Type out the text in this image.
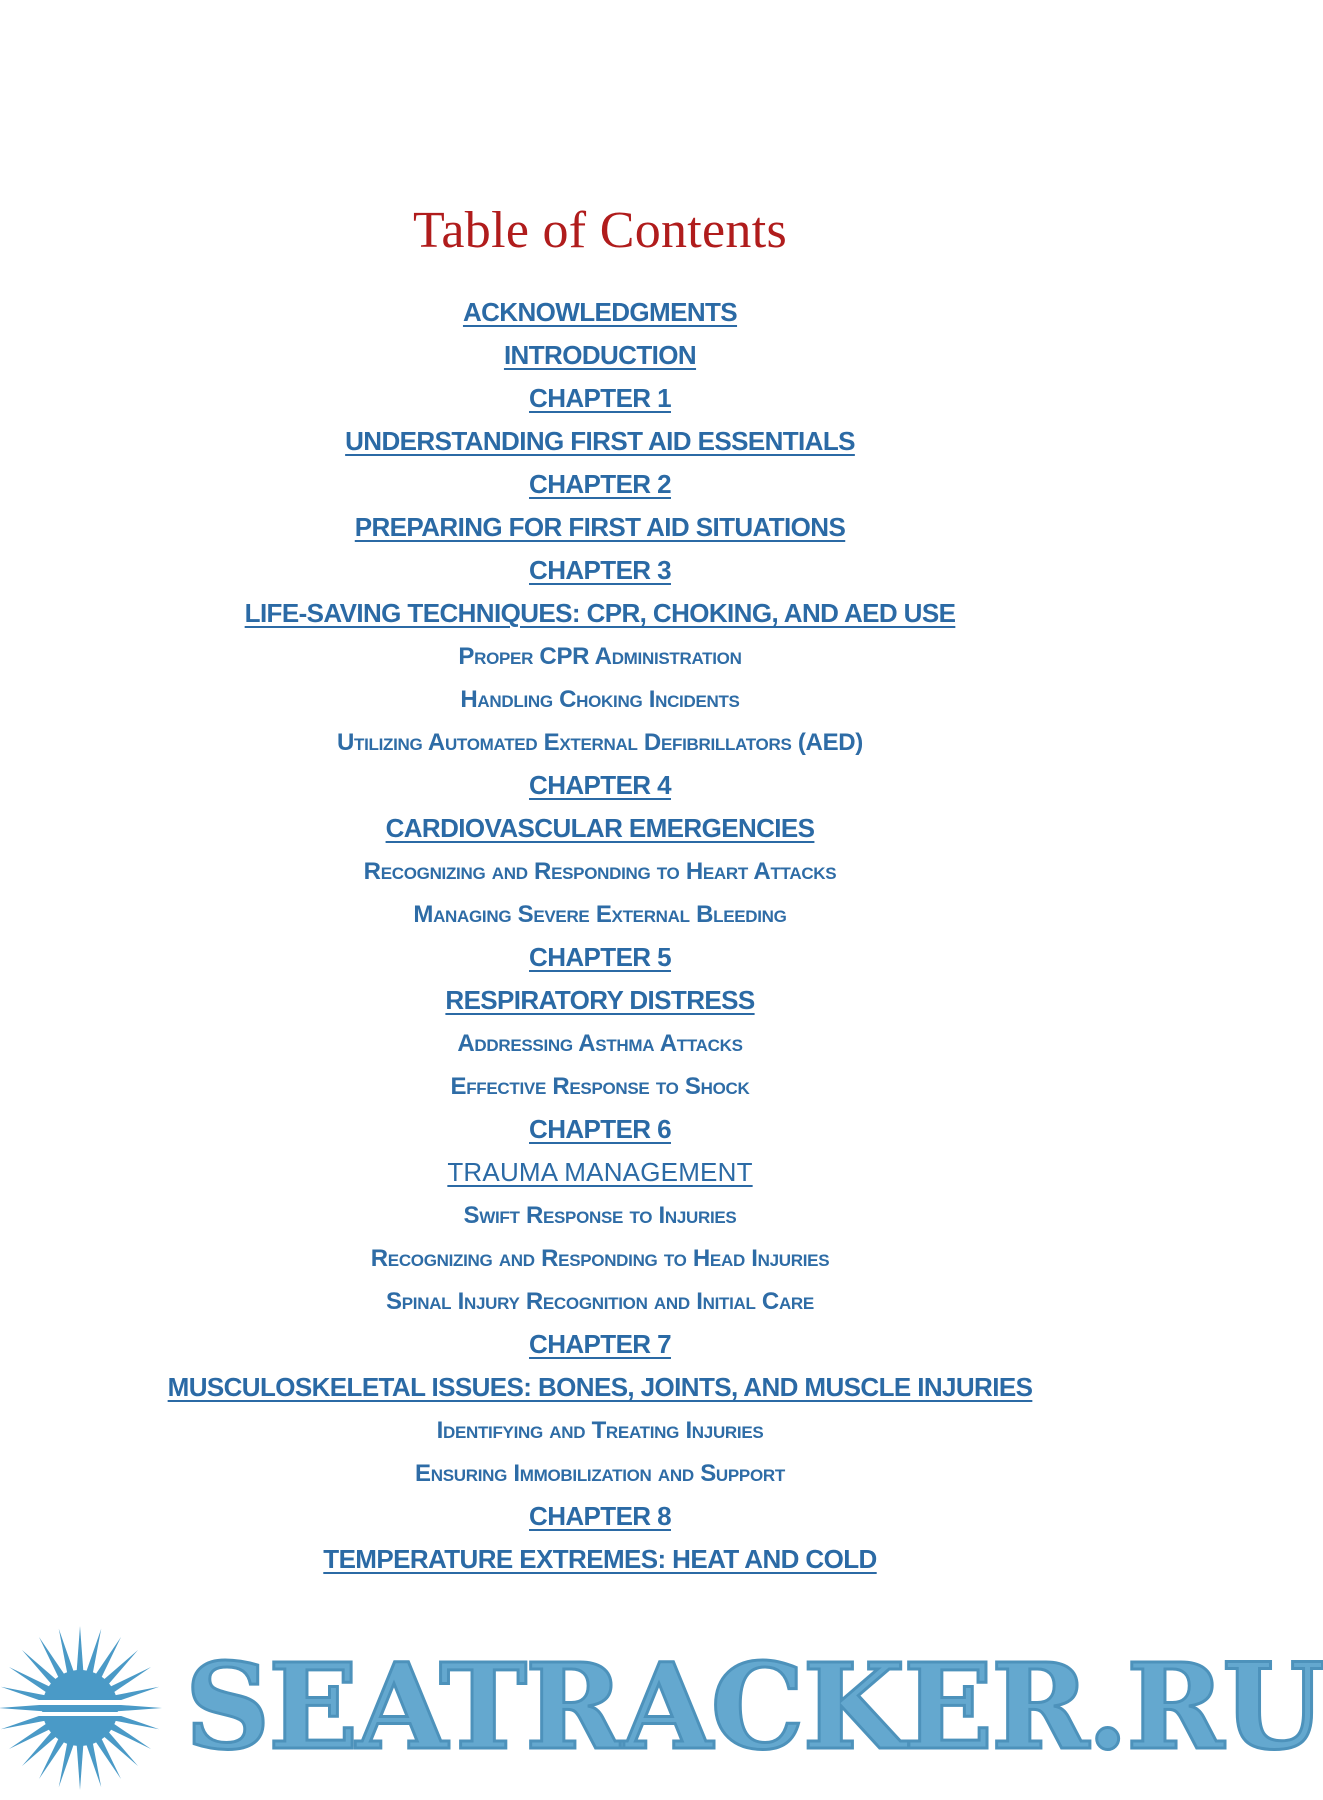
Table of Contents
ACKNOWLEDGMENTS
INTRODUCTION
CHAPTER 1
UNDERSTANDING FIRST AID ESSENTIALS
CHAPTER 2
PREPARING FOR FIRST AID SITUATIONS
CHAPTER 3
LIFE-SAVING TECHNIQUES: CPR, CHOKING, AND AED USE
Proper CPR Administration
Handling Choking Incidents
Utilizing Automated External Defibrillators (AED)
CHAPTER 4
CARDIOVASCULAR EMERGENCIES
Recognizing and Responding to Heart Attacks
Managing Severe External Bleeding
CHAPTER 5
RESPIRATORY DISTRESS
Addressing Asthma Attacks
Effective Response to Shock
CHAPTER 6
TRAUMA MANAGEMENT
Swift Response to Injuries
Recognizing and Responding to Head Injuries
Spinal Injury Recognition and Initial Care
CHAPTER 7
MUSCULOSKELETAL ISSUES: BONES, JOINTS, AND MUSCLE INJURIES
Identifying and Treating Injuries
Ensuring Immobilization and Support
CHAPTER 8
TEMPERATURE EXTREMES: HEAT AND COLD
SEATRACKER.RU
